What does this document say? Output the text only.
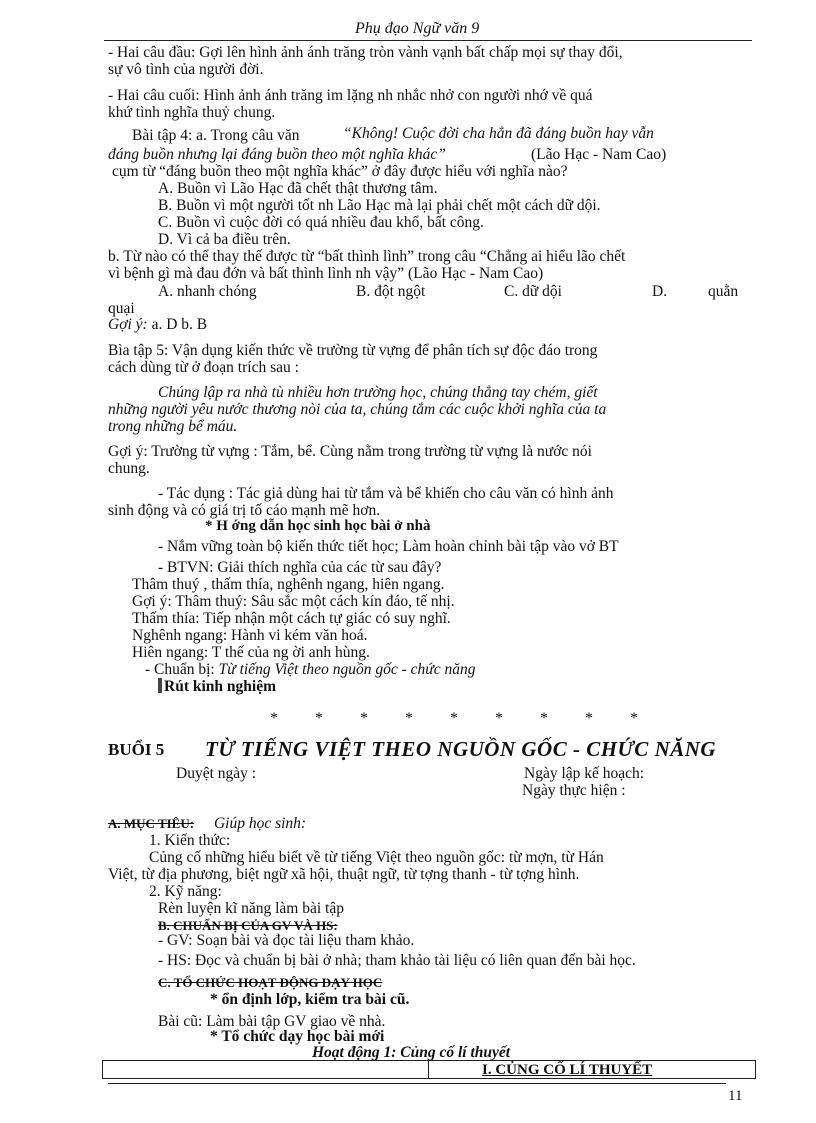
Phụ đạo Ngữ văn 9
- Hai câu đầu: Gợi lên hình ảnh ánh trăng tròn vành vạnh bất chấp mọi sự thay đổi,
sự vô tình của người đời.
- Hai câu cuối: Hình ảnh ánh trăng im lặng nh nhắc nhở con người nhớ về quá
khứ tình nghĩa thuỷ chung.
Bài tập 4: a. Trong câu văn	“Không! Cuộc đời cha hẳn đã đáng buồn hay vẫn
đáng buồn nhưng lại đáng buồn theo một nghĩa khác”	(Lão Hạc - Nam Cao)
cụm từ “đáng buồn theo một nghĩa khác” ở đây được hiểu với nghĩa nào?
A. Buồn vì Lão Hạc đã chết thật thương tâm.
B. Buồn vì một người tốt nh Lão Hạc mà lại phải chết một cách dữ dội.
C. Buồn vì cuộc đời có quá nhiều đau khổ, bất công.
D. Vì cả ba điều trên.
b. Từ nào có thể thay thế được từ “bất thình lình” trong câu “Chẳng ai hiểu lão chết
vì bệnh gì mà đau đớn và bất thình lình nh vậy” (Lão Hạc - Nam Cao)
A. nhanh chóng	B. đột ngột	C. dữ dội	D.	quằn
quại
Gợi ý: a. D b. B
Bìa tập 5: Vận dụng kiến thức về trường từ vựng để phân tích sự độc đáo trong
cách dùng từ ở đoạn trích sau :
Chúng lập ra nhà tù nhiều hơn trường học, chúng thẳng tay chém, giết
những người yêu nước thương nòi của ta, chúng tắm các cuộc khởi nghĩa của ta
trong những bể máu.
Gợi ý: Trường từ vựng : Tắm, bể. Cùng nằm trong trường từ vựng là nước nói
chung.
- Tác dụng : Tác giả dùng hai từ tắm và bể khiến cho câu văn có hình ảnh
sinh động và có giá trị tố cáo mạnh mẽ hơn.
* H ớng dẫn học sinh học bài ở nhà
- Nắm vững toàn bộ kiến thức tiết học; Làm hoàn chỉnh bài tập vào vở BT
- BTVN: Giải thích nghĩa của các từ sau đây?
Thâm thuý , thấm thía, nghênh ngang, hiên ngang.
Gợi ý: Thâm thuý: Sâu sắc một cách kín đáo, tế nhị.
Thấm thía: Tiếp nhận một cách tự giác có suy nghĩ.
Nghênh ngang: Hành vi kém văn hoá.
Hiên ngang: T thế của ng ời anh hùng.
- Chuẩn bị: Từ tiếng Việt theo nguồn gốc - chức năng
Rút kinh nghiệm
* * * * * * * * *
BUỔI 5 TỪ TIẾNG VIỆT THEO NGUỒN GỐC - CHỨC NĂNG
Duyệt ngày :	Ngày lập kế hoạch:
Ngày thực hiện :
A. MỤC TIÊU: Giúp học sinh:
1. Kiến thức:
Củng cố những hiểu biết về từ tiếng Việt theo nguồn gốc: từ mợn, từ Hán
Việt, từ địa phương, biệt ngữ xã hội, thuật ngữ, từ tợng thanh - từ tợng hình.
2. Kỹ năng:
Rèn luyện kĩ năng làm bài tập
B. CHUẨN BỊ CỦA GV VÀ HS:
- GV: Soạn bài và đọc tài liệu tham khảo.
- HS: Đọc và chuẩn bị bài ở nhà; tham khảo tài liệu có liên quan đến bài học.
C. TỔ CHỨC HOẠT ĐỘNG DẠY HỌC
* ổn định lớp, kiểm tra bài cũ.
Bài cũ: Làm bài tập GV giao về nhà.
* Tổ chức dạy học bài mới
Hoạt động 1: Củng cố lí thuyết
I. CỦNG CỐ LÍ THUYẾT
11
